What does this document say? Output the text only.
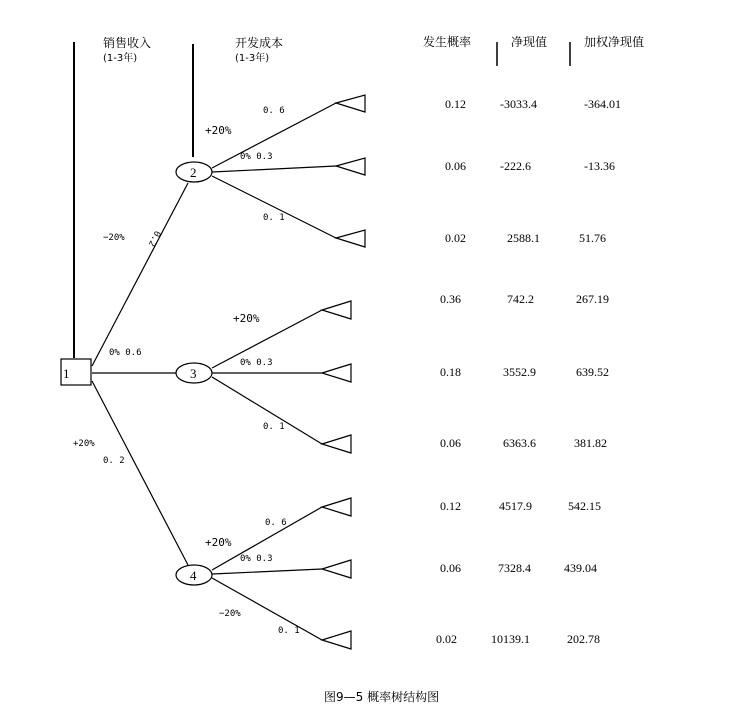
销售收入
(1-3年)
开发成本
(1-3年)
发生概率	净现值	加权净现值
1
2
3
4
−20% 0.2
0% 0.6
+20%
0. 2
+20%
0. 6
0% 0.3
0. 1
+20%
0% 0.3
0. 1
+20%
0. 6
0% 0.3
−20%
0. 1
0.12	-3033.4	-364.01
0.06	-222.6	-13.36
0.02	2588.1	51.76
0.36	742.2	267.19
0.18	3552.9	639.52
0.06	6363.6	381.82
0.12	4517.9	542.15
0.06	7328.4	439.04
0.02	10139.1	202.78
图9—5 概率树结构图
